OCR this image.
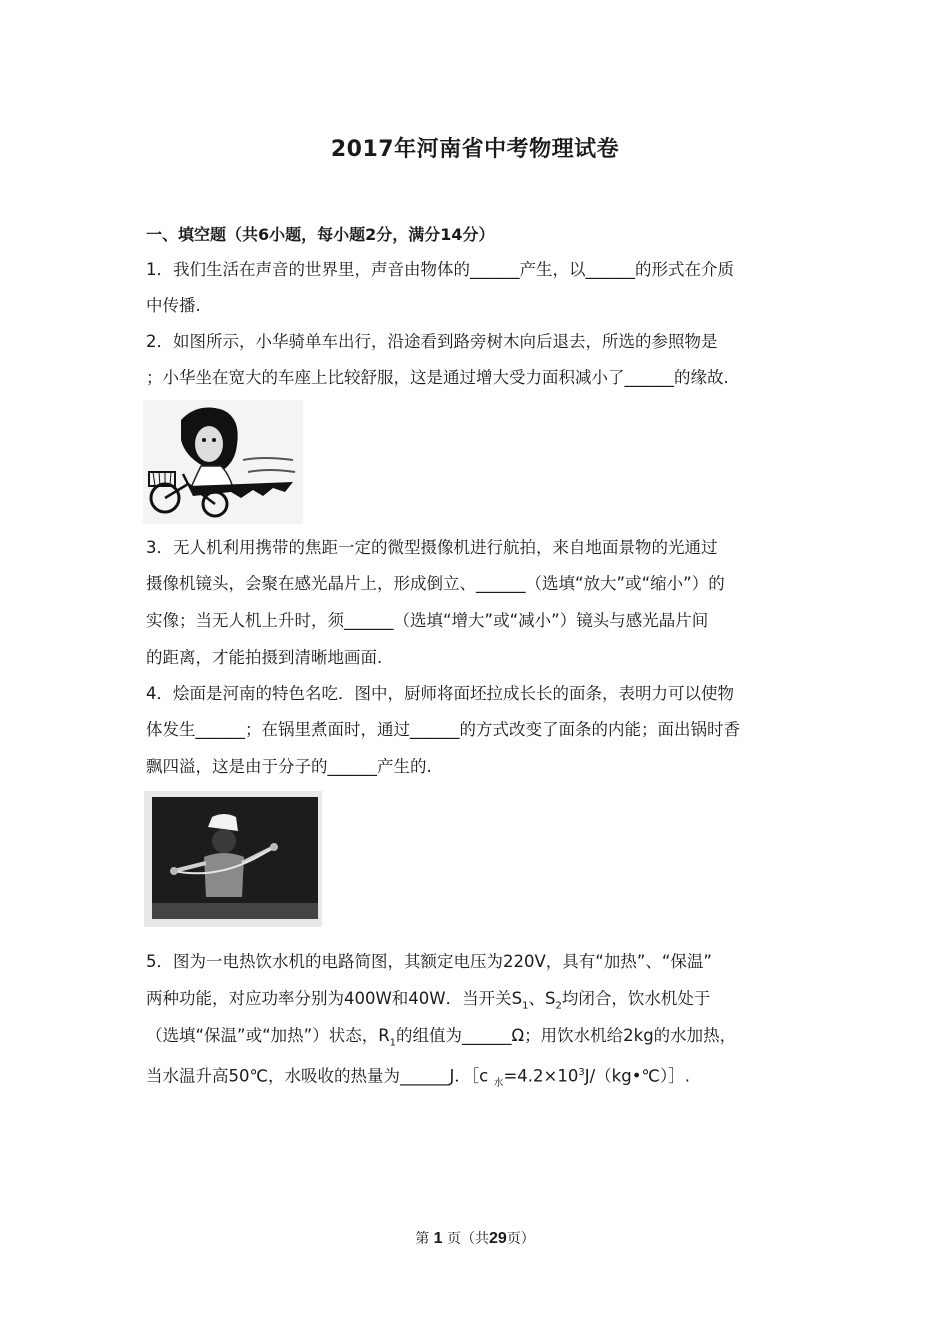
2017年河南省中考物理试卷
一、填空题（共6小题，每小题2分，满分14分）
1．我们生活在声音的世界里，声音由物体的______产生，以______的形式在介质
中传播.
2．如图所示，小华骑单车出行，沿途看到路旁树木向后退去，所选的参照物是
；小华坐在宽大的车座上比较舒服，这是通过增大受力面积减小了______的缘故.
3．无人机利用携带的焦距一定的微型摄像机进行航拍，来自地面景物的光通过
摄像机镜头，会聚在感光晶片上，形成倒立、______（选填“放大”或“缩小”）的
实像；当无人机上升时，须______（选填“增大”或“减小”）镜头与感光晶片间
的距离，才能拍摄到清晰地画面.
4．烩面是河南的特色名吃．图中，厨师将面坯拉成长长的面条，表明力可以使物
体发生______；在锅里煮面时，通过______的方式改变了面条的内能；面出锅时香
飘四溢，这是由于分子的______产生的.
5．图为一电热饮水机的电路简图，其额定电压为220V，具有“加热”、“保温”
两种功能，对应功率分别为400W和40W．当开关$S_1$、$S_2$均闭合，饮水机处于
（选填“保温”或“加热”）状态，$R_1$的组值为______Ω；用饮水机给2kg的水加热，
当水温升高50℃，水吸收的热量为______J．［c $_水=4.2\times 10^3J/(kg•℃)]$.
第 1 页（共29页）
